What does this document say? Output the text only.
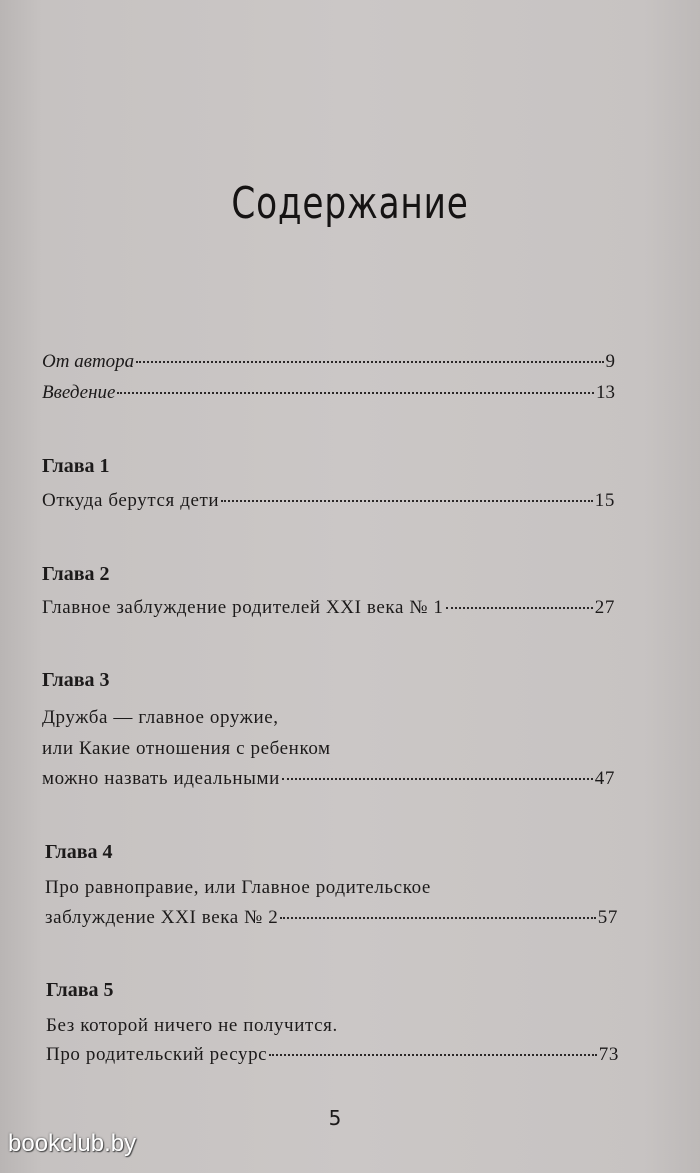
Содержание
От автора	9
Введение	13
Глава 1
Откуда берутся дети	15
Глава 2
Главное заблуждение родителей XXI века № 1	27
Глава 3
Дружба — главное оружие,
или Какие отношения с ребенком
можно назвать идеальными	47
Глава 4
Про равноправие, или Главное родительское
заблуждение XXI века № 2	57
Глава 5
Без которой ничего не получится.
Про родительский ресурс	73
5
bookclub.by
